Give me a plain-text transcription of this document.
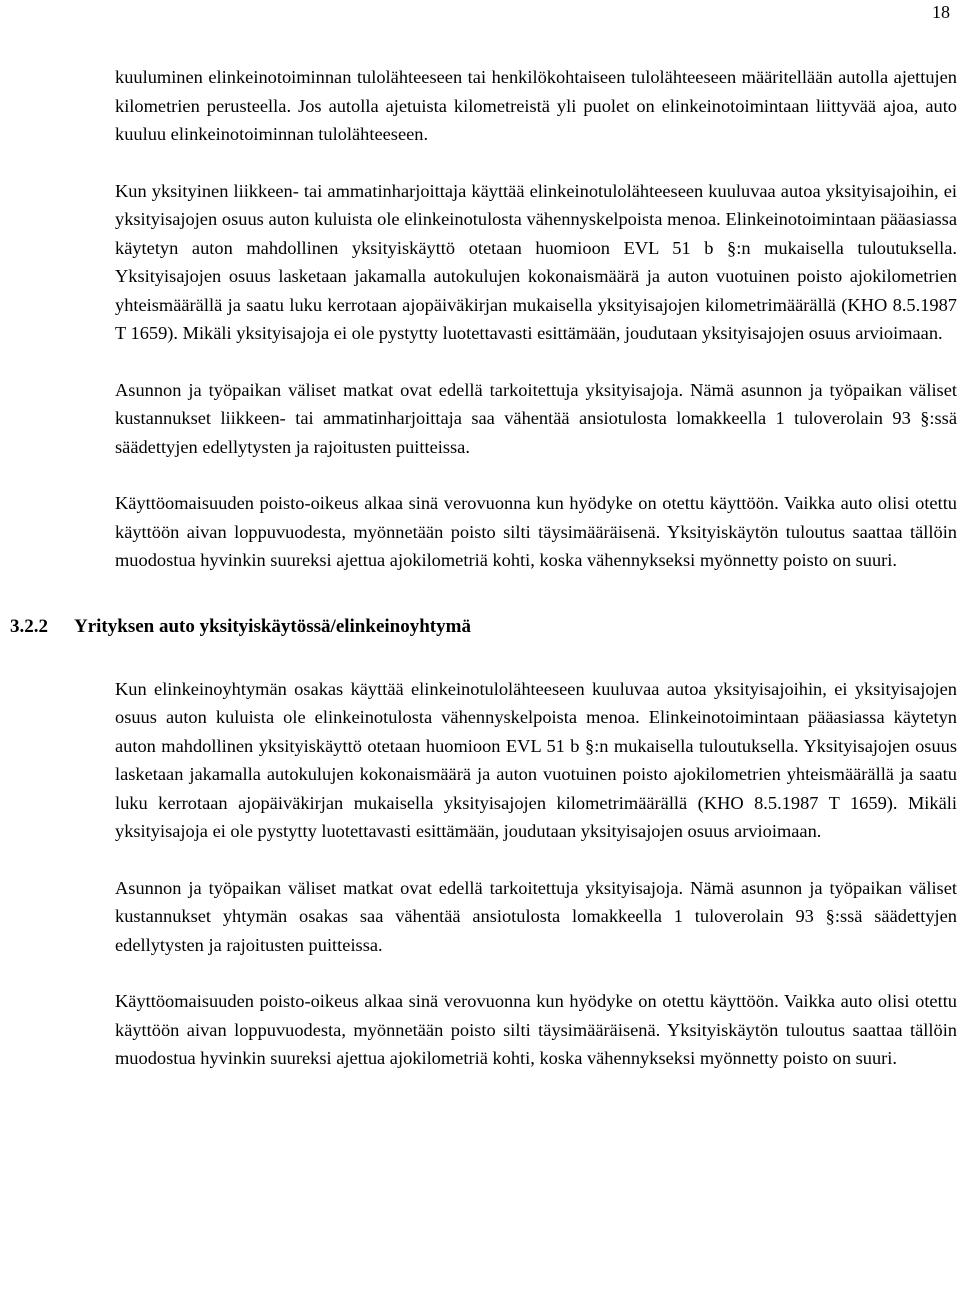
18

kuuluminen elinkeinotoiminnan tulolähteeseen tai henkilökohtaiseen tulolähteeseen määritellään autolla ajettujen kilometrien perusteella. Jos autolla ajetuista kilometreistä yli puolet on elinkeinotoimintaan liittyvää ajoa, auto kuuluu elinkeinotoiminnan tulolähteeseen.

Kun yksityinen liikkeen- tai ammatinharjoittaja käyttää elinkeinotulolähteeseen kuuluvaa autoa yksityisajoihin, ei yksityisajojen osuus auton kuluista ole elinkeinotulosta vähennyskelpoista menoa. Elinkeinotoimintaan pääasiassa käytetyn auton mahdollinen yksityiskäyttö otetaan huomioon EVL 51 b §:n mukaisella tuloutuksella. Yksityisajojen osuus lasketaan jakamalla autokulujen kokonaismäärä ja auton vuotuinen poisto ajokilometrien yhteismäärällä ja saatu luku kerrotaan ajopäiväkirjan mukaisella yksityisajojen kilometrimäärällä (KHO 8.5.1987 T 1659). Mikäli yksityisajoja ei ole pystytty luotettavasti esittämään, joudutaan yksityisajojen osuus arvioimaan.

Asunnon ja työpaikan väliset matkat ovat edellä tarkoitettuja yksityisajoja. Nämä asunnon ja työpaikan väliset kustannukset liikkeen- tai ammatinharjoittaja saa vähentää ansiotulosta lomakkeella 1 tuloverolain 93 §:ssä säädettyjen edellytysten ja rajoitusten puitteissa.

Käyttöomaisuuden poisto-oikeus alkaa sinä verovuonna kun hyödyke on otettu käyttöön. Vaikka auto olisi otettu käyttöön aivan loppuvuodesta, myönnetään poisto silti täysimääräisenä. Yksityiskäytön tuloutus saattaa tällöin muodostua hyvinkin suureksi ajettua ajokilometriä kohti, koska vähennykseksi myönnetty poisto on suuri.

3.2.2 Yrityksen auto yksityiskäytössä/elinkeinoyhtymä

Kun elinkeinoyhtymän osakas käyttää elinkeinotulolähteeseen kuuluvaa autoa yksityisajoihin, ei yksityisajojen osuus auton kuluista ole elinkeinotulosta vähennyskelpoista menoa. Elinkeinotoimintaan pääasiassa käytetyn auton mahdollinen yksityiskäyttö otetaan huomioon EVL 51 b §:n mukaisella tuloutuksella. Yksityisajojen osuus lasketaan jakamalla autokulujen kokonaismäärä ja auton vuotuinen poisto ajokilometrien yhteismäärällä ja saatu luku kerrotaan ajopäiväkirjan mukaisella yksityisajojen kilometrimäärällä (KHO 8.5.1987 T 1659). Mikäli yksityisajoja ei ole pystytty luotettavasti esittämään, joudutaan yksityisajojen osuus arvioimaan.

Asunnon ja työpaikan väliset matkat ovat edellä tarkoitettuja yksityisajoja. Nämä asunnon ja työpaikan väliset kustannukset yhtymän osakas saa vähentää ansiotulosta lomakkeella 1 tuloverolain 93 §:ssä säädettyjen edellytysten ja rajoitusten puitteissa.

Käyttöomaisuuden poisto-oikeus alkaa sinä verovuonna kun hyödyke on otettu käyttöön. Vaikka auto olisi otettu käyttöön aivan loppuvuodesta, myönnetään poisto silti täysimääräisenä. Yksityiskäytön tuloutus saattaa tällöin muodostua hyvinkin suureksi ajettua ajokilometriä kohti, koska vähennykseksi myönnetty poisto on suuri.
